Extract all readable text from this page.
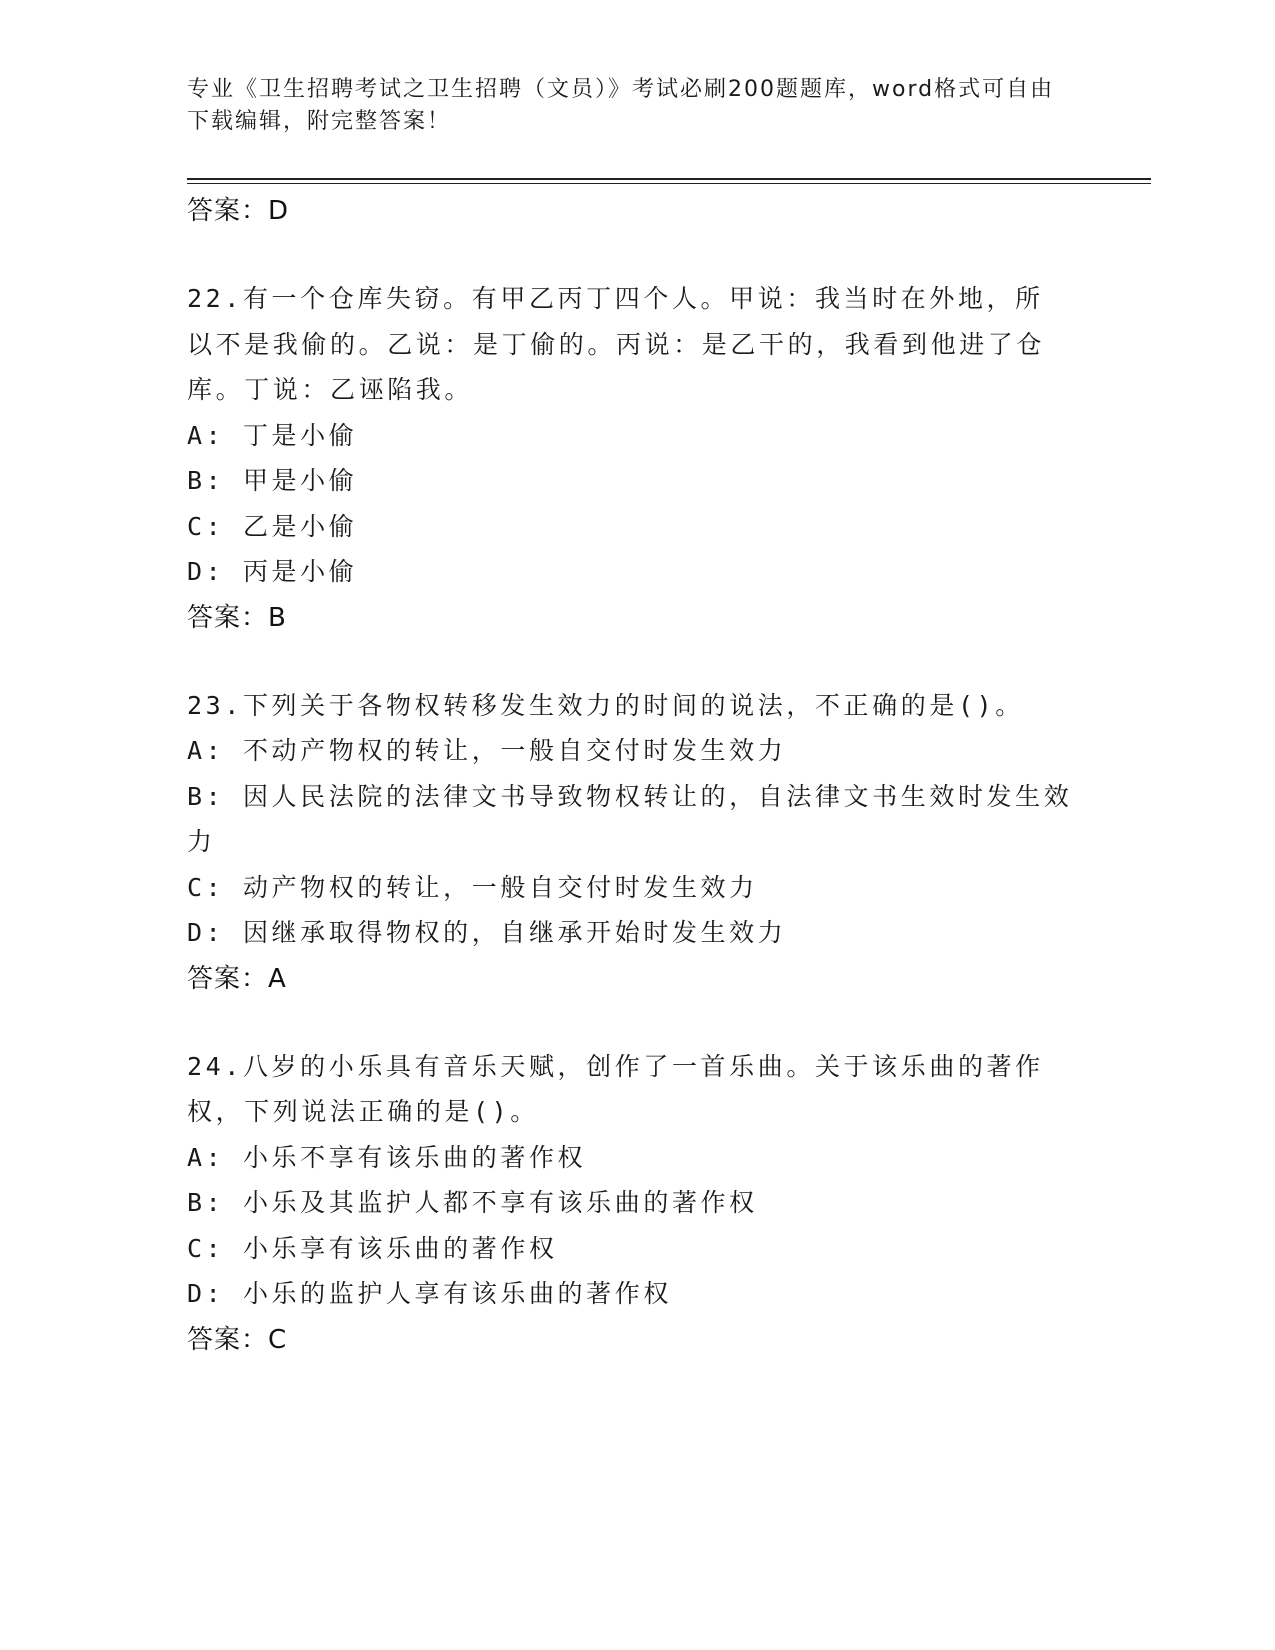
专业《卫生招聘考试之卫生招聘（文员）》考试必刷200题题库，word格式可自由下载编辑，附完整答案！
答案：D
22.有一个仓库失窃。有甲乙丙丁四个人。甲说：我当时在外地，所以不是我偷的。乙说：是丁偷的。丙说：是乙干的，我看到他进了仓库。丁说：乙诬陷我。
A: 丁是小偷
B: 甲是小偷
C: 乙是小偷
D: 丙是小偷
答案：B
23.下列关于各物权转移发生效力的时间的说法，不正确的是()。
A: 不动产物权的转让，一般自交付时发生效力
B: 因人民法院的法律文书导致物权转让的，自法律文书生效时发生效力
C: 动产物权的转让，一般自交付时发生效力
D: 因继承取得物权的，自继承开始时发生效力
答案：A
24.八岁的小乐具有音乐天赋，创作了一首乐曲。关于该乐曲的著作权，下列说法正确的是()。
A: 小乐不享有该乐曲的著作权
B: 小乐及其监护人都不享有该乐曲的著作权
C: 小乐享有该乐曲的著作权
D: 小乐的监护人享有该乐曲的著作权
答案：C
